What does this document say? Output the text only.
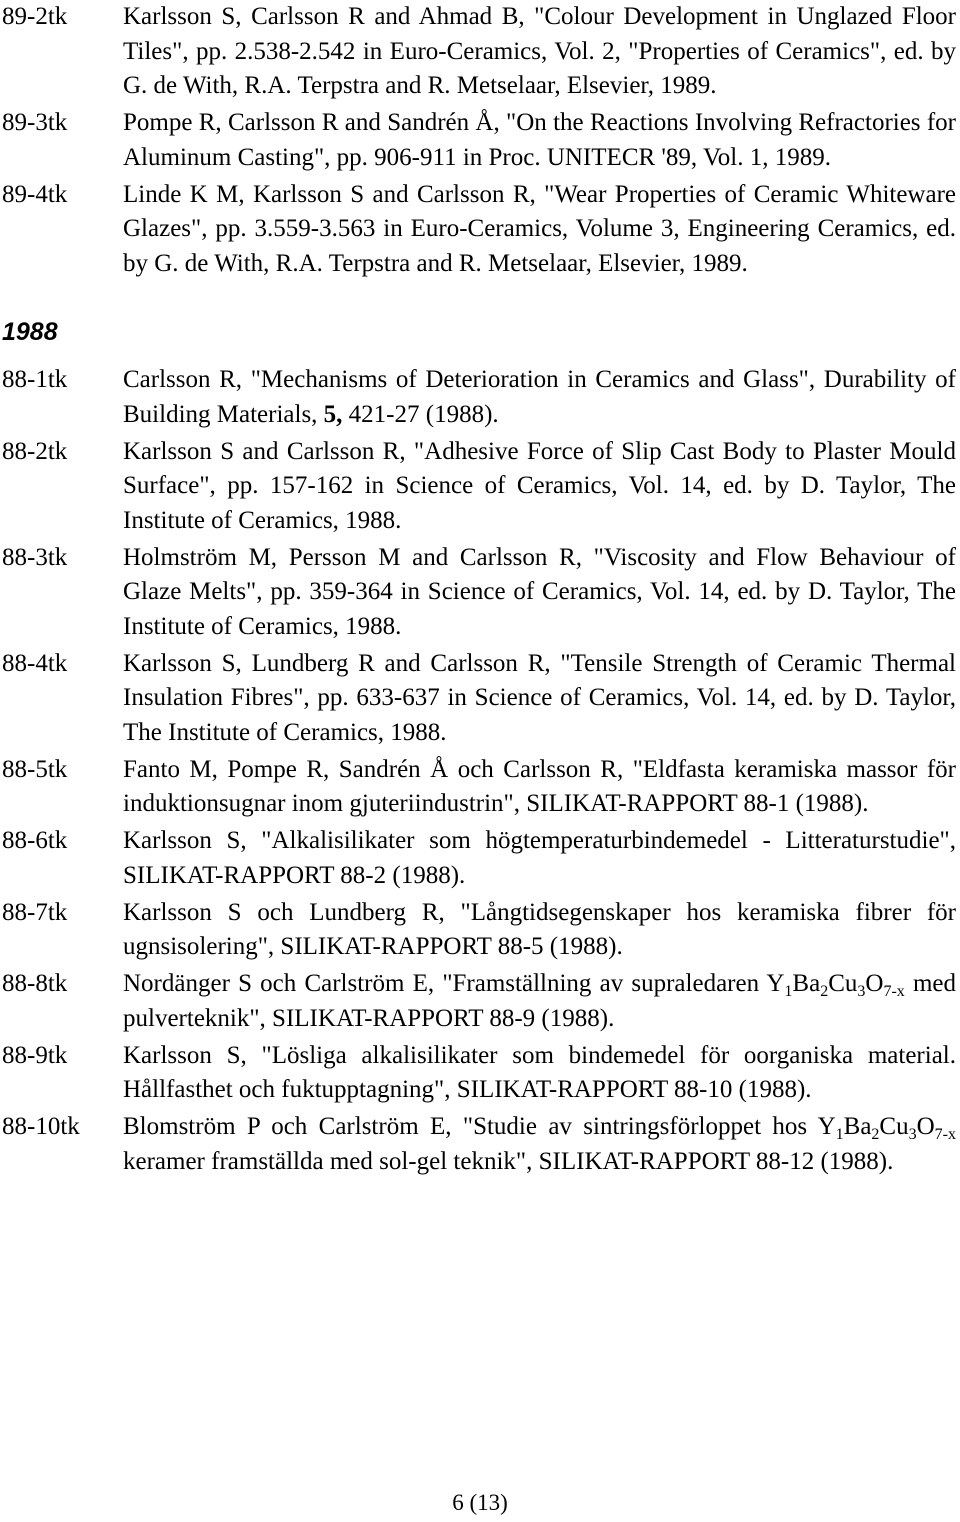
89-2tk	Karlsson S, Carlsson R and Ahmad B, "Colour Development in Unglazed Floor Tiles", pp. 2.538-2.542 in Euro-Ceramics, Vol. 2, "Properties of Ceramics", ed. by G. de With, R.A. Terpstra and R. Metselaar, Elsevier, 1989.
89-3tk	Pompe R, Carlsson R and Sandrén Å, "On the Reactions Involving Refractories for Aluminum Casting", pp. 906-911 in Proc. UNITECR '89, Vol. 1, 1989.
89-4tk	Linde K M, Karlsson S and Carlsson R, "Wear Properties of Ceramic Whiteware Glazes", pp. 3.559-3.563 in Euro-Ceramics, Volume 3, Engineering Ceramics, ed. by G. de With, R.A. Terpstra and R. Metselaar, Elsevier, 1989.
1988
88-1tk	Carlsson R, "Mechanisms of Deterioration in Ceramics and Glass", Durability of Building Materials, 5, 421-27 (1988).
88-2tk	Karlsson S and Carlsson R, "Adhesive Force of Slip Cast Body to Plaster Mould Surface", pp. 157-162 in Science of Ceramics, Vol. 14, ed. by D. Taylor, The Institute of Ceramics, 1988.
88-3tk	Holmström M, Persson M and Carlsson R, "Viscosity and Flow Behaviour of Glaze Melts", pp. 359-364 in Science of Ceramics, Vol. 14, ed. by D. Taylor, The Institute of Ceramics, 1988.
88-4tk	Karlsson S, Lundberg R and Carlsson R, "Tensile Strength of Ceramic Thermal Insulation Fibres", pp. 633-637 in Science of Ceramics, Vol. 14, ed. by D. Taylor, The Institute of Ceramics, 1988.
88-5tk	Fanto M, Pompe R, Sandrén Å och Carlsson R, "Eldfasta keramiska massor för induktionsugnar inom gjuteriindustrin", SILIKAT-RAPPORT 88-1 (1988).
88-6tk	Karlsson S, "Alkalisilikater som högtemperaturbindemedel - Litteraturstudie", SILIKAT-RAPPORT 88-2 (1988).
88-7tk	Karlsson S och Lundberg R, "Långtidsegenskaper hos keramiska fibrer för ugnsisolering", SILIKAT-RAPPORT 88-5 (1988).
88-8tk	Nordänger S och Carlström E, "Framställning av supraledaren $Y_1Ba_2Cu_3O_{7-x}$ med pulverteknik", SILIKAT-RAPPORT 88-9 (1988).
88-9tk	Karlsson S, "Lösliga alkalisilikater som bindemedel för oorganiska material. Hållfasthet och fuktupptagning", SILIKAT-RAPPORT 88-10 (1988).
88-10tk	Blomström P och Carlström E, "Studie av sintringsförloppet hos $Y_1Ba_2Cu_3O_{7-x}$ keramer framställda med sol-gel teknik", SILIKAT-RAPPORT 88-12 (1988).
6 (13)
